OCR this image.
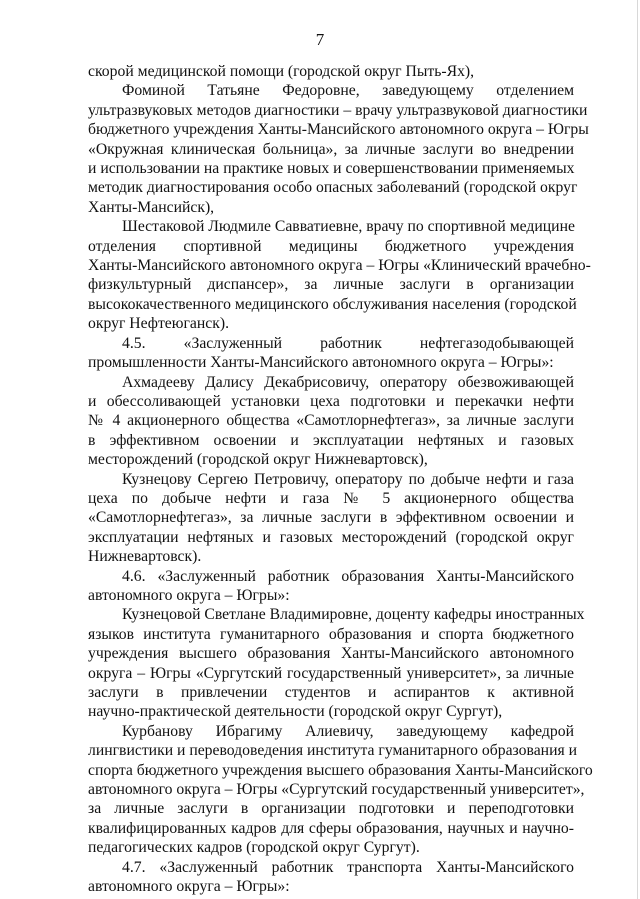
7

скорой медицинской помощи (городской округ Пыть-Ях),

Фоминой Татьяне Федоровне, заведующему отделением
ультразвуковых методов диагностики – врачу ультразвуковой диагностики
бюджетного учреждения Ханты-Мансийского автономного округа – Югры
«Окружная клиническая больница», за личные заслуги во внедрении
и использовании на практике новых и совершенствовании применяемых
методик диагностирования особо опасных заболеваний (городской округ
Ханты-Мансийск),

Шестаковой Людмиле Савватиевне, врачу по спортивной медицине
отделения спортивной медицины бюджетного учреждения
Ханты-Мансийского автономного округа – Югры «Клинический врачебно-
физкультурный диспансер», за личные заслуги в организации
высококачественного медицинского обслуживания населения (городской
округ Нефтеюганск).

4.5. «Заслуженный работник нефтегазодобывающей
промышленности Ханты-Мансийского автономного округа – Югры»:

Ахмадееву Далису Декабрисовичу, оператору обезвоживающей
и обессоливающей установки цеха подготовки и перекачки нефти
№ 4 акционерного общества «Самотлорнефтегаз», за личные заслуги
в эффективном освоении и эксплуатации нефтяных и газовых
месторождений (городской округ Нижневартовск),

Кузнецову Сергею Петровичу, оператору по добыче нефти и газа
цеха по добыче нефти и газа № 5 акционерного общества
«Самотлорнефтегаз», за личные заслуги в эффективном освоении и
эксплуатации нефтяных и газовых месторождений (городской округ
Нижневартовск).

4.6. «Заслуженный работник образования Ханты-Мансийского
автономного округа – Югры»:

Кузнецовой Светлане Владимировне, доценту кафедры иностранных
языков института гуманитарного образования и спорта бюджетного
учреждения высшего образования Ханты-Мансийского автономного
округа – Югры «Сургутский государственный университет», за личные
заслуги в привлечении студентов и аспирантов к активной
научно-практической деятельности (городской округ Сургут),

Курбанову Ибрагиму Алиевичу, заведующему кафедрой
лингвистики и переводоведения института гуманитарного образования и
спорта бюджетного учреждения высшего образования Ханты-Мансийского
автономного округа – Югры «Сургутский государственный университет»,
за личные заслуги в организации подготовки и переподготовки
квалифицированных кадров для сферы образования, научных и научно-
педагогических кадров (городской округ Сургут).

4.7. «Заслуженный работник транспорта Ханты-Мансийского
автономного округа – Югры»:
